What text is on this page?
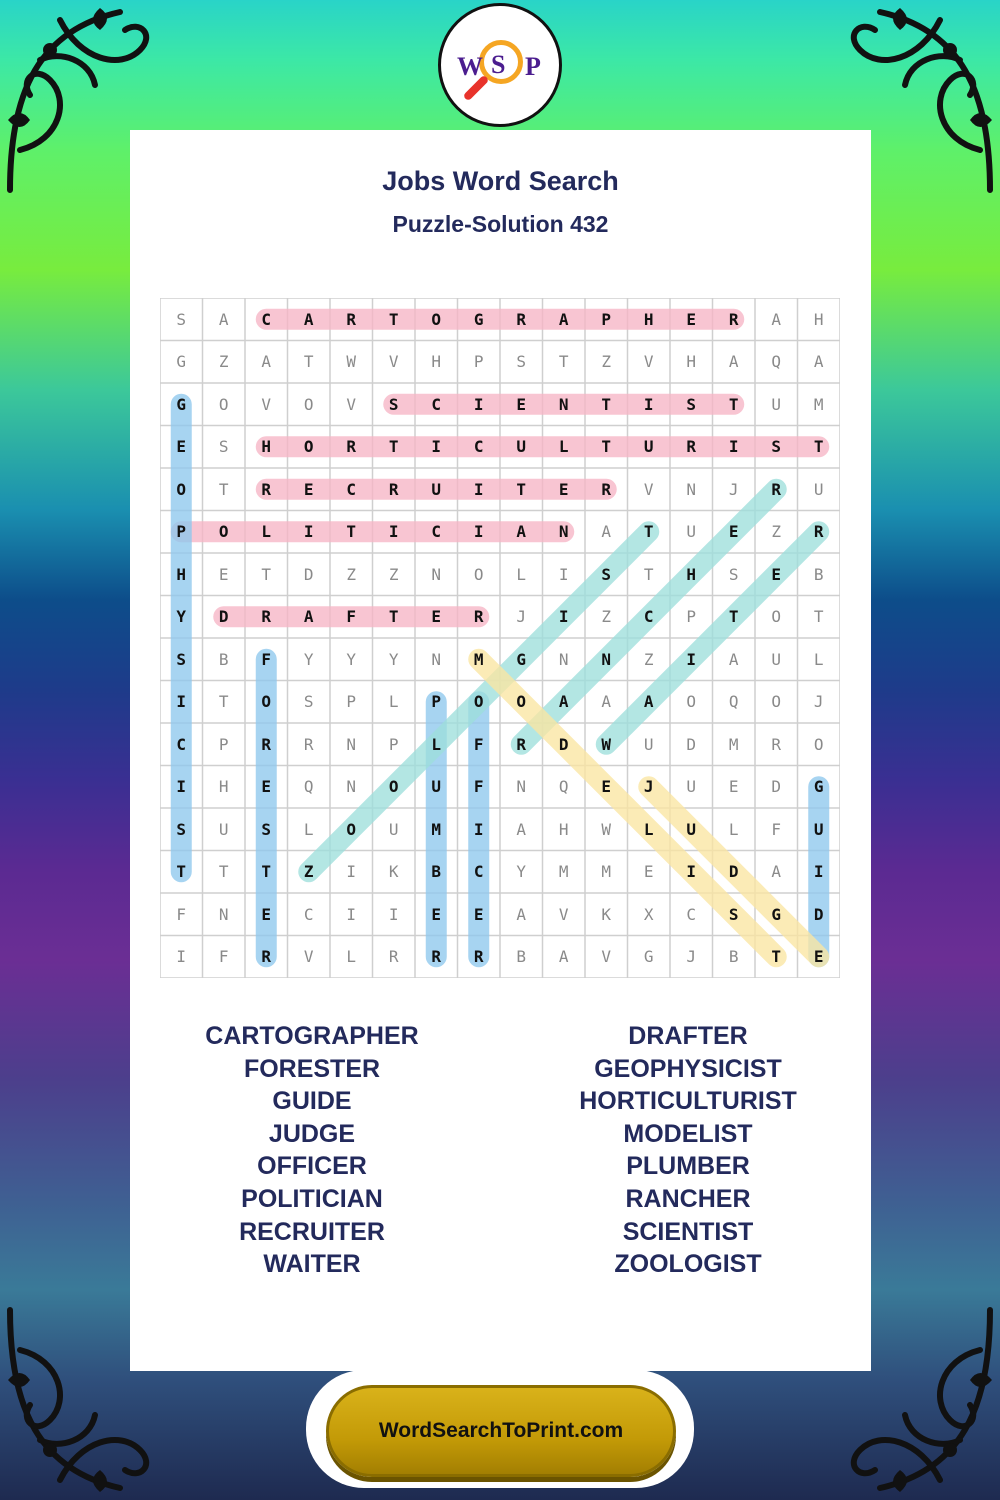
W S P
Jobs Word Search
Puzzle-Solution 432
S	A	C	A	R	T	O	G	R	A	P	H	E	R	A	H
G	Z	A	T	W	V	H	P	S	T	Z	V	H	A	Q	A
G	O	V	O	V	S	C	I	E	N	T	I	S	T	U	M
E	S	H	O	R	T	I	C	U	L	T	U	R	I	S	T
O	T	R	E	C	R	U	I	T	E	R	V	N	J	R	U
P	O	L	I	T	I	C	I	A	N	A	T	U	E	Z	R
H	E	T	D	Z	Z	N	O	L	I	S	T	H	S	E	B
Y	D	R	A	F	T	E	R	J	I	Z	C	P	T	O	T
S	B	F	Y	Y	Y	N	M	G	N	N	Z	I	A	U	L
I	T	O	S	P	L	P	O	O	A	A	A	O	Q	O	J
C	P	R	R	N	P	L	F	R	D	W	U	D	M	R	O
I	H	E	Q	N	O	U	F	N	Q	E	J	U	E	D	G
S	U	S	L	O	U	M	I	A	H	W	L	U	L	F	U
T	T	T	Z	I	K	B	C	Y	M	M	E	I	D	A	I
F	N	E	C	I	I	E	E	A	V	K	X	C	S	G	D
I	F	R	V	L	R	R	R	B	A	V	G	J	B	T	E
CARTOGRAPHER
FORESTER
GUIDE
JUDGE
OFFICER
POLITICIAN
RECRUITER
WAITER
DRAFTER
GEOPHYSICIST
HORTICULTURIST
MODELIST
PLUMBER
RANCHER
SCIENTIST
ZOOLOGIST
WordSearchToPrint.com
